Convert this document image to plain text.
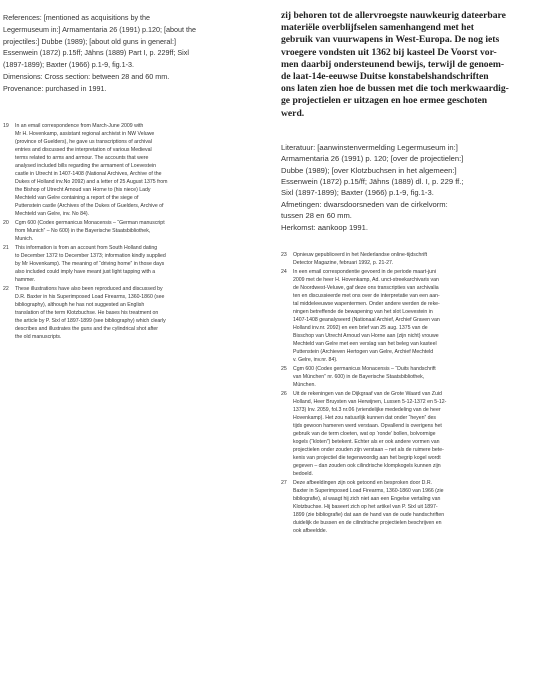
References: [mentioned as acquisitions by the
Legermuseum in:] Armamentaria 26 (1991) p.120; [about the
projectiles:] Dubbe (1989); [about old guns in general:]
Essenwein (1872) p.15ff; Jähns (1889) Part I, p. 229ff; Sixl
(1897-1899); Baxter (1966) p.1-9, fig.1-3.
Dimensions: Cross section: between 28 and 60 mm.
Provenance: purchased in 1991.
19 In an email correspondence from March-June 2009 with
Mr H. Hovenkamp, assistant regional archivist in NW Veluwe
(province of Guelders), he gave us transcriptions of archival
entries and discussed the interpretation of various Medieval
terms related to arms and armour. The accounts that were
analysed included bills regarding the armament of Loevestein
castle in Utrecht in 1407-1408 (National Archives, Archive of the
Dukes of Holland inv.No 2092) and a letter of 25 August 1375 from
the Bishop of Utrecht Arnoud van Horne to (his niece) Lady
Mechteld van Gelre containing a report of the siege of
Puttenstein castle (Archives of the Dukes of Guelders, Archive of
Mechteld van Gelre, inv. No 84).
20 Cgm 600 (Codex germanicus Monacensis – “German manuscript
from Munich” – No 600) in the Bayerische Staatsbibliothek,
Munich.
21 This information is from an account from South Holland dating
to December 1372 to December 1373; information kindly supplied
by Mr Hovenkamp). The meaning of “driving home” in those days
also included could imply have meant just light tapping with a
hammer.
22 These illustrations have also been reproduced and discussed by
D.R. Baxter in his Superimposed Load Firearms, 1360-1860 (see
bibliography), although he has not suggested an English
translation of the term Klotzbuchse. He bases his treatment on
the article by P. Sixl of 1897-1899 (see bibliography) which clearly
describes and illustrates the guns and the cylindrical shot after
the old manuscripts.
zij behoren tot de allervroegste nauwkeurig dateerbare
materiële overblijfselen samenhangend met het
gebruik van vuurwapens in West-Europa. De nog iets
vroegere vondsten uit 1362 bij kasteel De Voorst vor-
men daarbij ondersteunend bewijs, terwijl de genoem-
de laat-14e-eeuwse Duitse konstabelshandschriften
ons laten zien hoe de bussen met die toch merkwaardig-
ge projectielen er uitzagen en hoe ermee geschoten
werd.
Literatuur: [aanwinstenvermelding Legermuseum in:]
Armamentaria 26 (1991) p. 120; [over de projectielen:]
Dubbe (1989); [over Klotzbuchsen in het algemeen:]
Essenwein (1872) p.15/ff; Jähns (1889) dl. I, p. 229 ff.;
Sixl (1897-1899); Baxter (1966) p.1-9, fig.1-3.
Afmetingen: dwarsdoorsneden van de cirkelvorm:
tussen 28 en 60 mm.
Herkomst: aankoop 1991.
23 Opnieuw gepubliceerd in het Nederlandse online-tijdschrift
Detector Magazine, februari 1992, p. 21-27.
24 In een email correspondentie gevoerd in de periode maart-juni
2009 met de heer H. Hovenkamp, Ad. unct-streekarchivaris van
de Noordwest-Veluwe, gaf deze ons transcripties van archivalia
ten en discussieerde met ons over de interpretatie van een aan-
tal middeleeuwse wapentermen. Onder andere werden de reke-
ningen betreffende de bewapening van het slot Loevestein in
1407-1408 geanalyseerd (Nationaal Archief, Archief Graven van
Holland inv.nr. 2092) en een brief van 25 aug. 1375 van de
Bisschop van Utrecht Arnoud van Horne aan (zijn nicht) vrouwe
Mechteld van Gelre met een verslag van het beleg van kasteel
Puttenstein (Archieven Hertogen van Gelre, Archief Mechteld
v. Gelre, inv.nr. 84).
25 Cgm 600 (Codex germanicus Monacensis – “Duits handschrift
van München” nr. 600) in de Bayerische Staatsbibliothek,
München.
26 Uit de rekeningen van de Dijkgraaf van de Grote Waard van Zuid
Holland, Heer Bruysten van Herwijnen, Lussen 5-12-1372 en 5-12-
1373) Inv. 2059, fol.3 nr.06 (vriendelijke mededeling van de heer
Hovenkamp). Het zou natuurlijk kunnen dat onder “heyen” des
tijds gewoon hameren werd verstaan. Opvallend is overigens het
gebruik van de term cloeten, wat op ‘ronde’ bollen, bolvormige
kogels (“kloten”) betekent. Echter als er ook andere vormen van
projectielen onder zouden zijn verstaan – net als de ruimere bete-
kenis van projectiel die tegenwoordig aan het begrip kogel wordt
gegeven – dan zouden ook cilindrische klompkogels kunnen zijn
bedoeld.
27 Deze afbeeldingen zijn ook getoond en besproken door D.R.
Baxter in Superimposed Load Firearms, 1360-1860 van 1966 (zie
bibliografie), al waagt hij zich niet aan een Engelse vertaling van
Klotzbuchse. Hij baseert zich op het artikel van P. Sixl uit 1897-
1899 (zie bibliografie) dat aan de hand van de oude handschriften
duidelijk de bussen en de cilindrische projectielen beschrijven en
ook afbeeldde.
